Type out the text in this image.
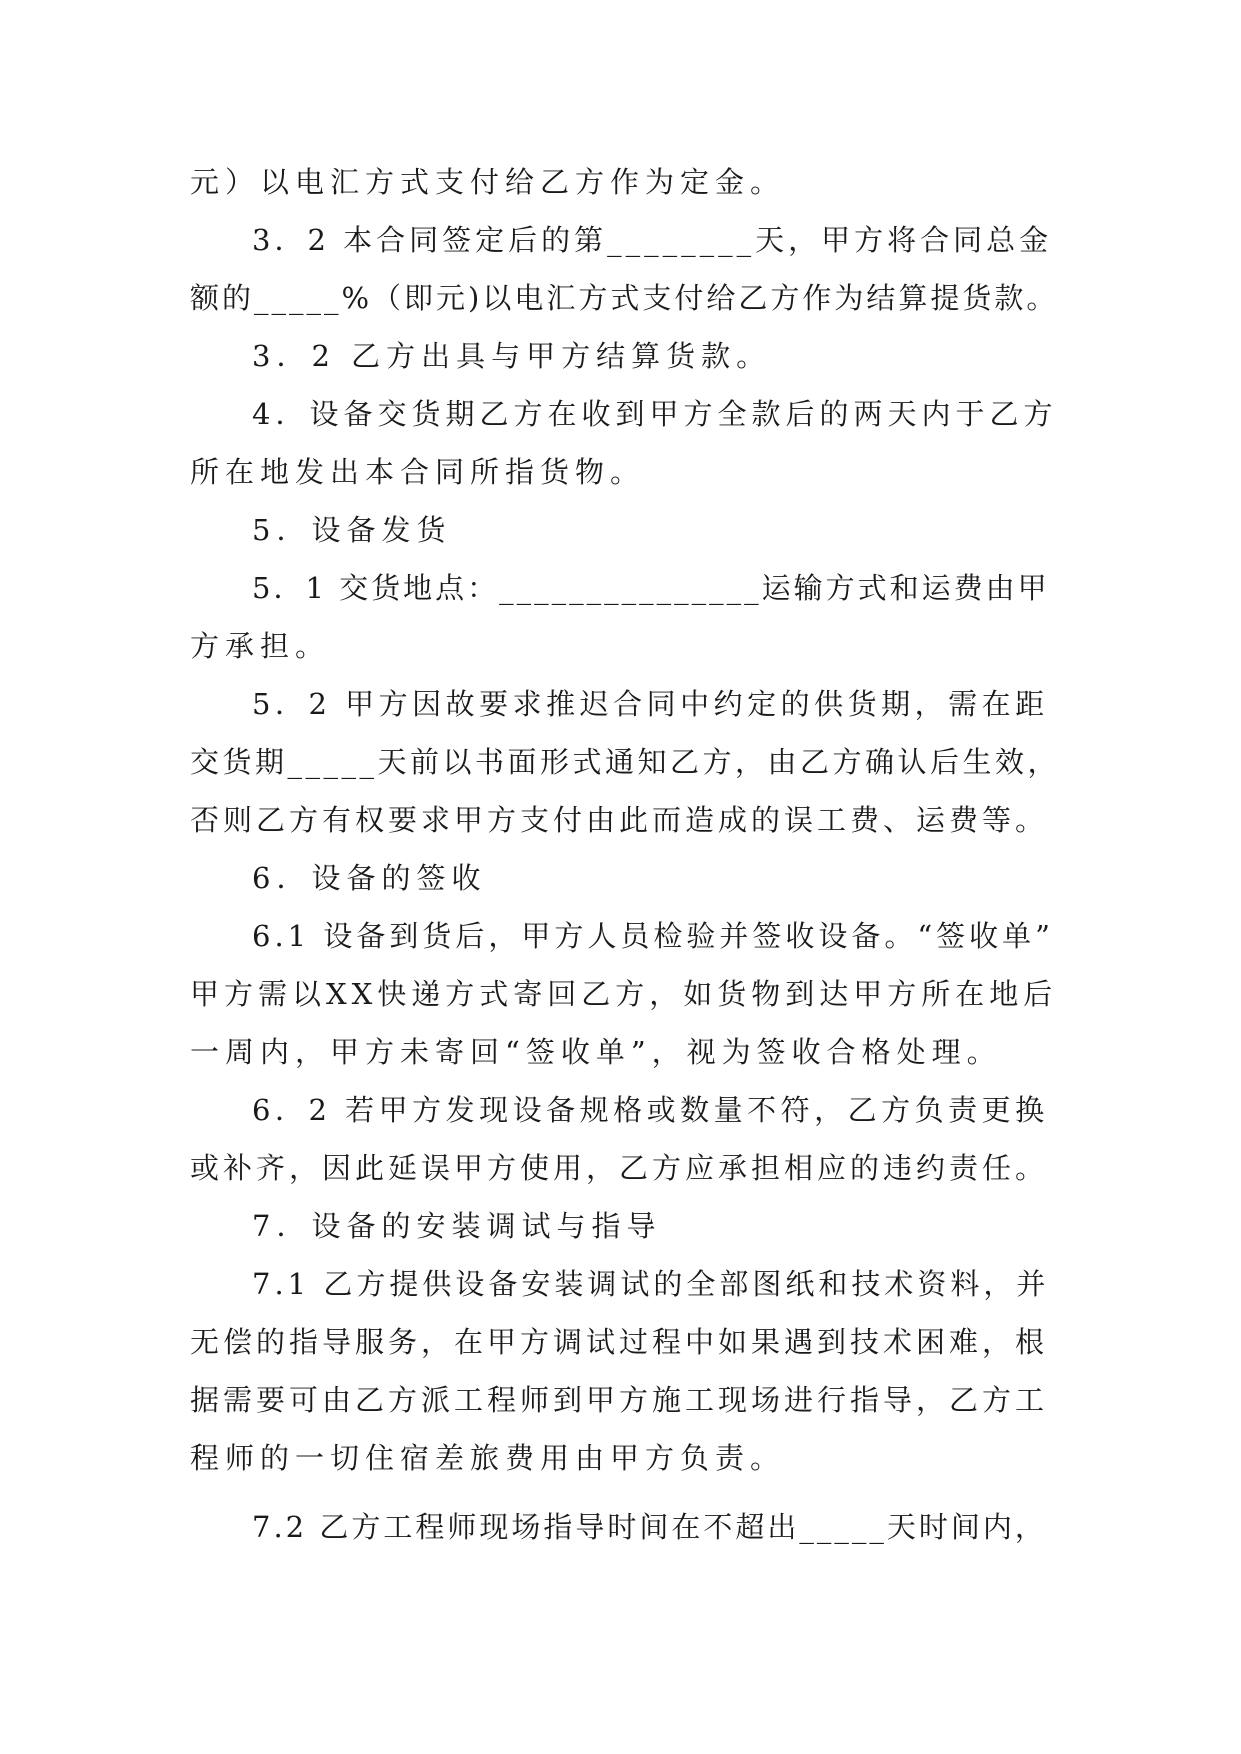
元）以电汇方式支付给乙方作为定金。
3．2 本合同签定后的第________天，甲方将合同总金
额的_____%（即元)以电汇方式支付给乙方作为结算提货款。
3．2 乙方出具与甲方结算货款。
4．设备交货期乙方在收到甲方全款后的两天内于乙方
所在地发出本合同所指货物。
5．设备发货
5．1 交货地点：_______________运输方式和运费由甲
方承担。
5．2 甲方因故要求推迟合同中约定的供货期，需在距
交货期_____天前以书面形式通知乙方，由乙方确认后生效，
否则乙方有权要求甲方支付由此而造成的误工费、运费等。
6．设备的签收
6.1 设备到货后，甲方人员检验并签收设备。“签收单”
甲方需以XX快递方式寄回乙方，如货物到达甲方所在地后
一周内，甲方未寄回“签收单”，视为签收合格处理。
6．2 若甲方发现设备规格或数量不符，乙方负责更换
或补齐，因此延误甲方使用，乙方应承担相应的违约责任。
7．设备的安装调试与指导
7.1 乙方提供设备安装调试的全部图纸和技术资料，并
无偿的指导服务，在甲方调试过程中如果遇到技术困难，根
据需要可由乙方派工程师到甲方施工现场进行指导，乙方工
程师的一切住宿差旅费用由甲方负责。
7.2 乙方工程师现场指导时间在不超出_____天时间内，
